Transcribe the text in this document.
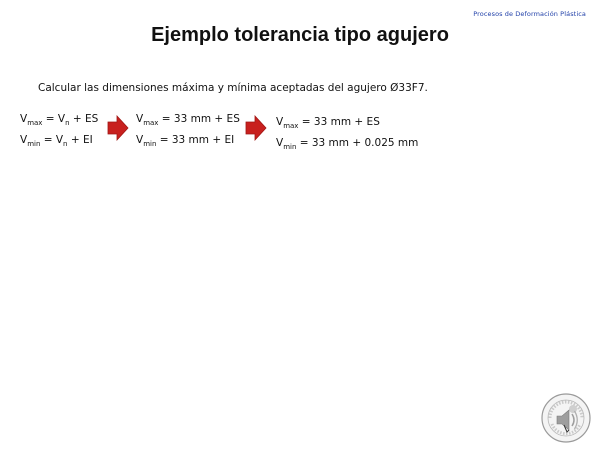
Procesos de Deformación Plástica
Ejemplo tolerancia tipo agujero
Calcular las dimensiones máxima y mínima aceptadas del agujero Ø33F7.
$V_{max} = V_n$ + ES
$V_{min} = V_n$ + EI
$V_{max} = 33$ mm + ES
$V_{min} = 33$ mm + EI
$V_{max} = 33$ mm + ES
$V_{min} = 33$ mm + 0.025 mm
